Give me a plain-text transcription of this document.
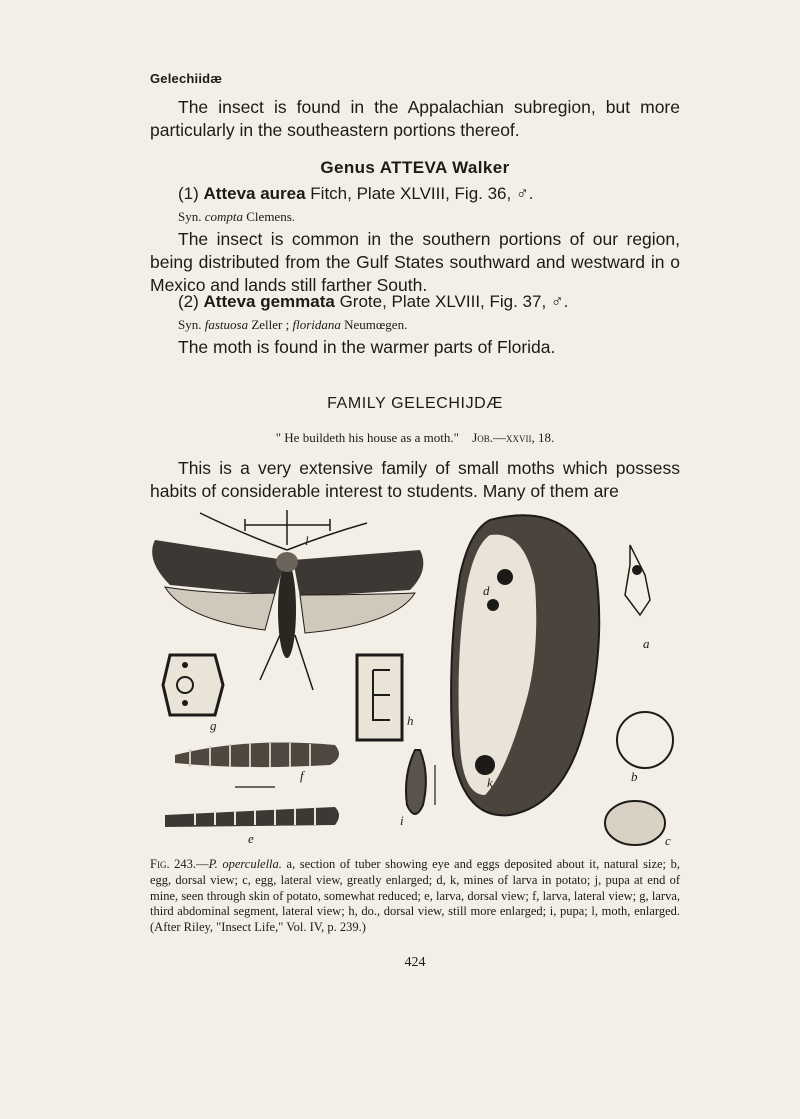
Gelechiidæ
The insect is found in the Appalachian subregion, but more particularly in the southeastern portions thereof.
Genus ATTEVA Walker
(1) Atteva aurea Fitch, Plate XLVIII, Fig. 36, ♂.
Syn. compta Clemens.
The insect is common in the southern portions of our region, being distributed from the Gulf States southward and westward in o Mexico and lands still farther South.
(2) Atteva gemmata Grote, Plate XLVIII, Fig. 37, ♂.
Syn. fastuosa Zeller ; floridana Neumœgen.
The moth is found in the warmer parts of Florida.
FAMILY GELECHIJDÆ
" He buildeth his house as a moth." Job.—xxvii, 18.
This is a very extensive family of small moths which possess habits of considerable interest to students. Many of them are
l
g	h
f
e
i
d
k
a
b
c
Fig. 243.—P. operculella. a, section of tuber showing eye and eggs deposited about it, natural size; b, egg, dorsal view; c, egg, lateral view, greatly enlarged; d, k, mines of larva in potato; j, pupa at end of mine, seen through skin of potato, somewhat reduced; e, larva, dorsal view; f, larva, lateral view; g, larva, third abdominal segment, lateral view; h, do., dorsal view, still more enlarged; i, pupa; l, moth, enlarged. (After Riley, "Insect Life," Vol. IV, p. 239.)
424
